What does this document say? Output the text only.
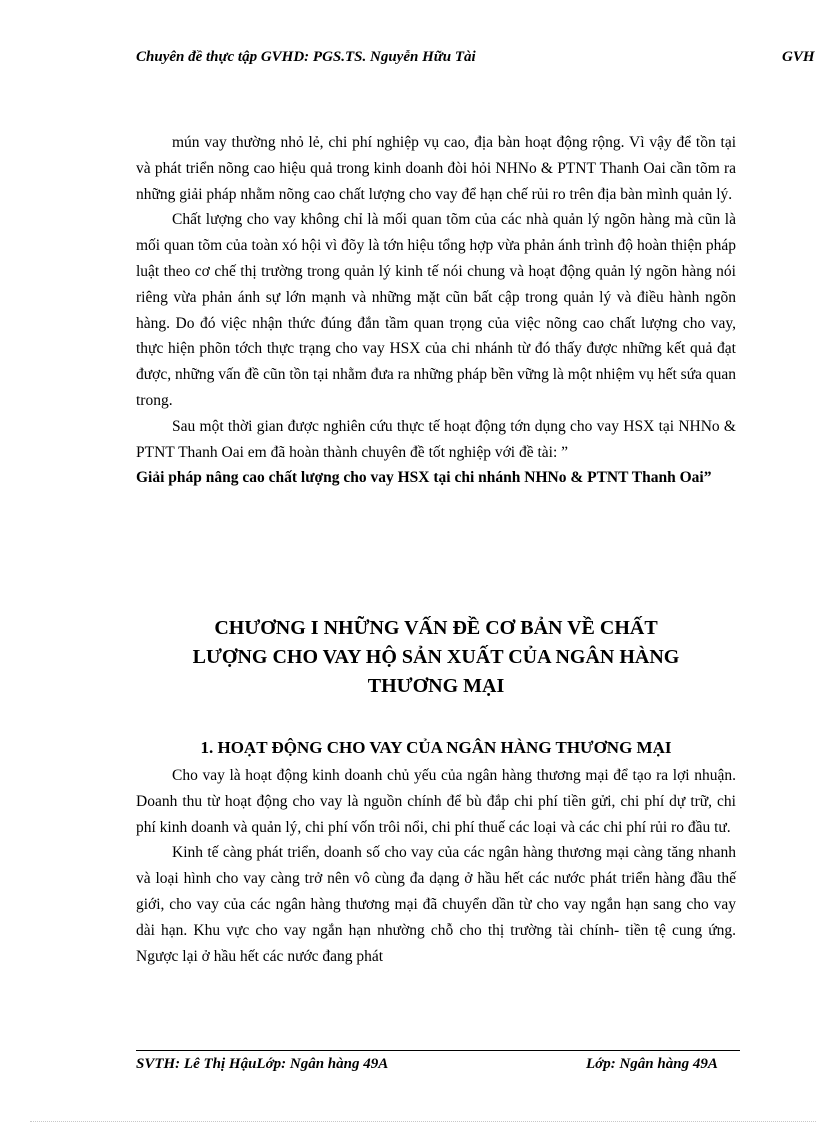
Chuyên đề thực tập GVHD: PGS.TS. Nguyễn Hữu Tài	GVH

mún vay thường nhỏ lẻ, chi phí nghiệp vụ cao, địa bàn hoạt động rộng. Vì vậy để tồn tại và phát triển nõng cao hiệu quả trong kinh doanh đòi hỏi NHNo & PTNT Thanh Oai cần tõm ra những giải pháp nhằm nõng cao chất lượng cho vay để hạn chế rủi ro trên địa bàn mình quản lý.

Chất lượng cho vay không chỉ là mối quan tõm của các nhà quản lý ngõn hàng mà cũn là mối quan tõm của toàn xó hội vì đõy là tớn hiệu tổng hợp vừa phản ánh trình độ hoàn thiện pháp luật theo cơ chế thị trường trong quản lý kinh tế nói chung và hoạt động quản lý ngõn hàng nói riêng vừa phản ánh sự lớn mạnh và những mặt cũn bất cập trong quản lý và điều hành ngõn hàng. Do đó việc nhận thức đúng đắn tầm quan trọng của việc nõng cao chất lượng cho vay, thực hiện phõn tớch thực trạng cho vay HSX của chi nhánh từ đó thấy được những kết quả đạt được, những vấn đề cũn tồn tại nhằm đưa ra những pháp bền vững là một nhiệm vụ hết sứa quan trong.

Sau một thời gian được nghiên cứu thực tế hoạt động tớn dụng cho vay HSX tại NHNo & PTNT Thanh Oai em đã hoàn thành chuyên đề tốt nghiệp với đề tài: ”

Giải pháp nâng cao chất lượng cho vay HSX tại chi nhánh NHNo & PTNT Thanh Oai”

CHƯƠNG I NHỮNG VẤN ĐỀ CƠ BẢN VỀ CHẤT
LƯỢNG CHO VAY HỘ SẢN XUẤT CỦA NGÂN HÀNG
THƯƠNG MẠI
1. HOẠT ĐỘNG CHO VAY CỦA NGÂN HÀNG THƯƠNG MẠI

Cho vay là hoạt động kinh doanh chủ yếu của ngân hàng thương mại để tạo ra lợi nhuận. Doanh thu từ hoạt động cho vay là nguồn chính để bù đắp chi phí tiền gửi, chi phí dự trữ, chi phí kinh doanh và quản lý, chi phí vốn trôi nổi, chi phí thuế các loại và các chi phí rủi ro đầu tư.

Kinh tế càng phát triển, doanh số cho vay của các ngân hàng thương mại càng tăng nhanh và loại hình cho vay càng trở nên vô cùng đa dạng ở hầu hết các nước phát triển hàng đầu thế giới, cho vay của các ngân hàng thương mại đã chuyển dần từ cho vay ngắn hạn sang cho vay dài hạn. Khu vực cho vay ngắn hạn nhường chỗ cho thị trường tài chính- tiền tệ cung ứng. Ngược lại ở hầu hết các nước đang phát

SVTH: Lê Thị HậuLớp: Ngân hàng 49A	Lớp: Ngân hàng 49A
